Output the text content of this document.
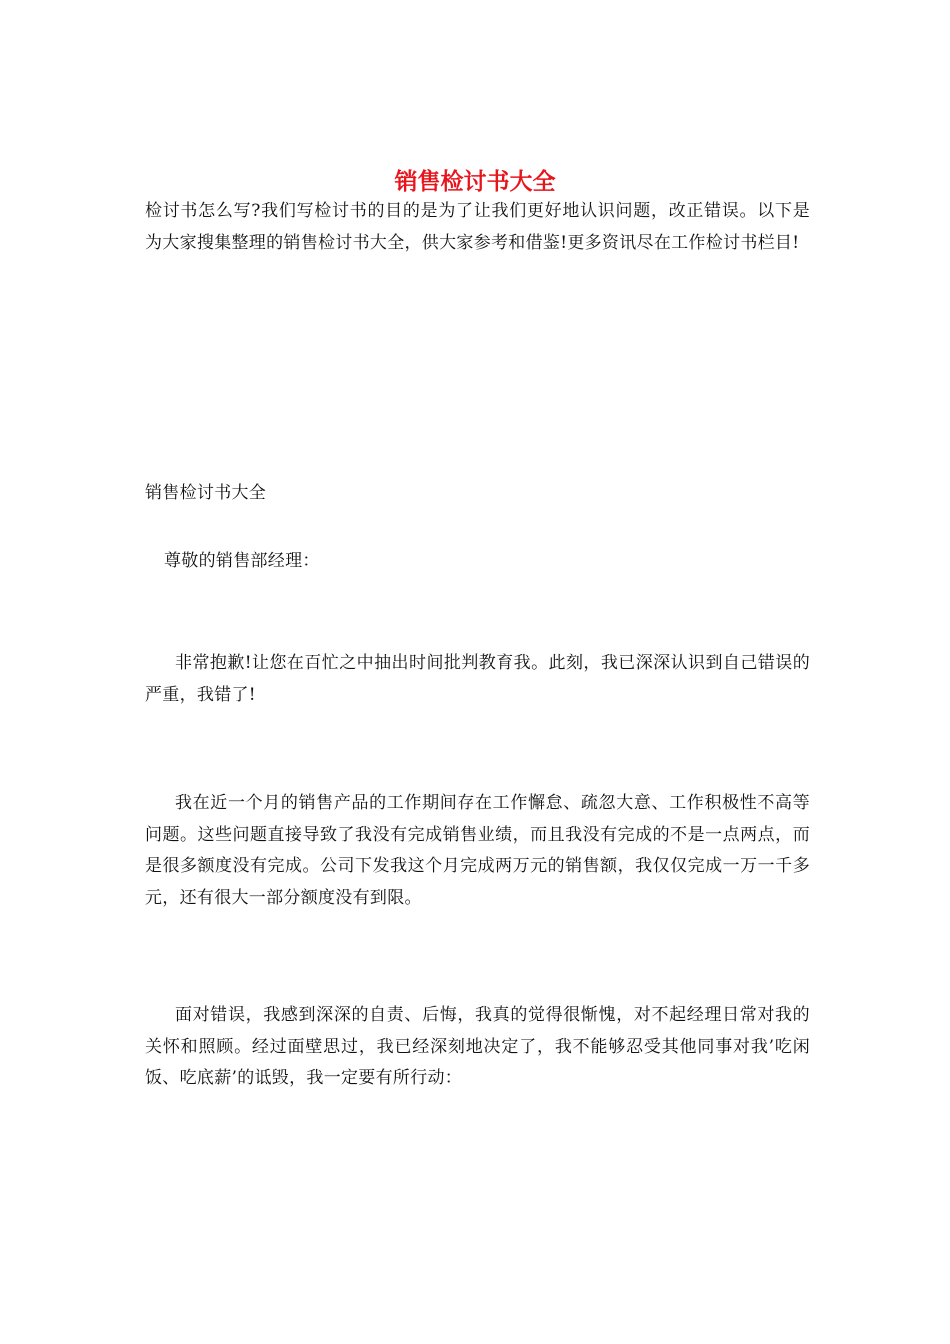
销售检讨书大全

检讨书怎么写?我们写检讨书的目的是为了让我们更好地认识问题，改正错误。以下是为大家搜集整理的销售检讨书大全，供大家参考和借鉴!更多资讯尽在工作检讨书栏目!

销售检讨书大全

尊敬的销售部经理：

非常抱歉!让您在百忙之中抽出时间批判教育我。此刻，我已深深认识到自己错误的严重，我错了!

我在近一个月的销售产品的工作期间存在工作懈怠、疏忽大意、工作积极性不高等问题。这些问题直接导致了我没有完成销售业绩，而且我没有完成的不是一点两点，而是很多额度没有完成。公司下发我这个月完成两万元的销售额，我仅仅完成一万一千多元，还有很大一部分额度没有到限。

面对错误，我感到深深的自责、后悔，我真的觉得很惭愧，对不起经理日常对我的关怀和照顾。经过面壁思过，我已经深刻地决定了，我不能够忍受其他同事对我’吃闲饭、吃底薪’的诋毁，我一定要有所行动：
